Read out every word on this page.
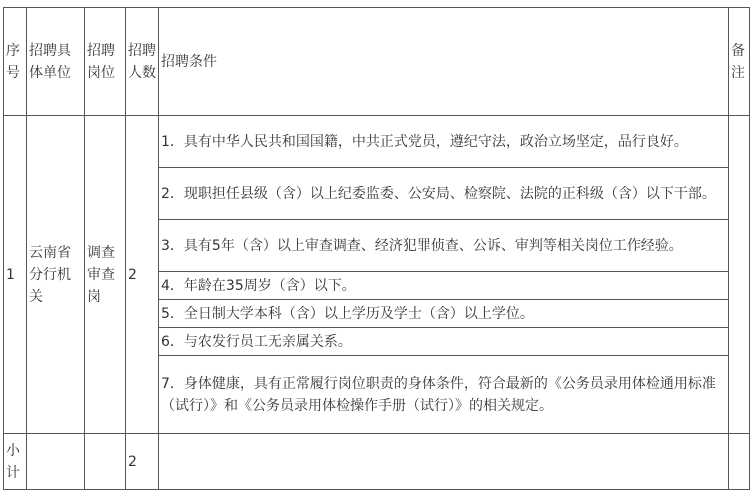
序号	招聘具体单位	招聘岗位	招聘人数	招聘条件	备注
1	云南省分行机关	调查审查岗	2	1．具有中华人民共和国国籍，中共正式党员，遵纪守法，政治立场坚定，品行良好。	
				2．现职担任县级（含）以上纪委监委、公安局、检察院、法院的正科级（含）以下干部。	
				3．具有5年（含）以上审查调查、经济犯罪侦查、公诉、审判等相关岗位工作经验。	
				4．年龄在35周岁（含）以下。	
				5．全日制大学本科（含）以上学历及学士（含）以上学位。	
				6．与农发行员工无亲属关系。	
				7．身体健康，具有正常履行岗位职责的身体条件，符合最新的《公务员录用体检通用标准（试行）》和《公务员录用体检操作手册（试行）》的相关规定。	
小计			2		
